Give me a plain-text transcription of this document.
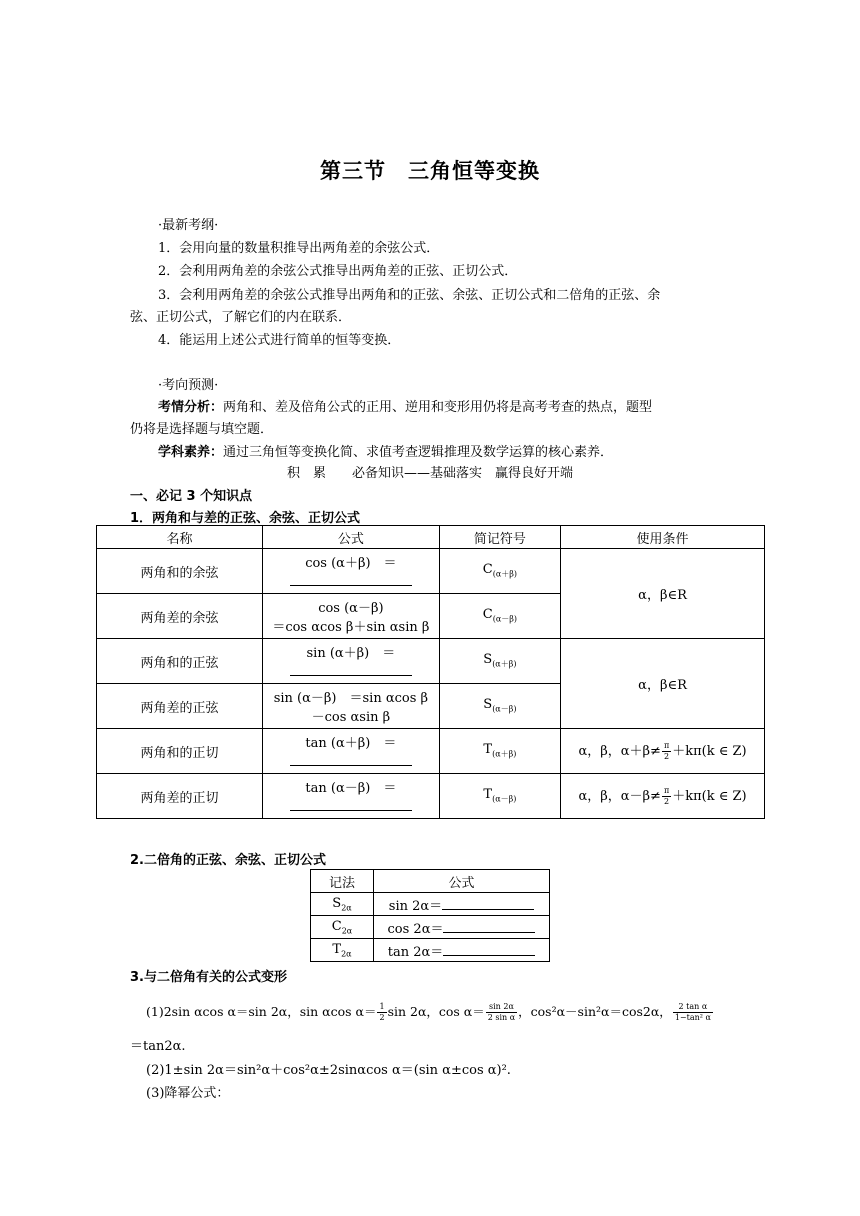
第三节　三角恒等变换
·最新考纲·
1．会用向量的数量积推导出两角差的余弦公式．
2．会利用两角差的余弦公式推导出两角差的正弦、正切公式．
3．会利用两角差的余弦公式推导出两角和的正弦、余弦、正切公式和二倍角的正弦、余
弦、正切公式，了解它们的内在联系．
4．能运用上述公式进行简单的恒等变换．
·考向预测·
考情分析：两角和、差及倍角公式的正用、逆用和变形用仍将是高考考查的热点，题型
仍将是选择题与填空题．
学科素养：通过三角恒等变换化简、求值考查逻辑推理及数学运算的核心素养．
积　累　　必备知识——基础落实　赢得良好开端
一、必记 3 个知识点
1．两角和与差的正弦、余弦、正切公式
名称	公式	简记符号	使用条件
两角和的余弦	cos (α＋β)　＝	$C_{(\alpha+\beta)}$	α，β∈R
两角差的余弦	cos (α－β)
＝cos αcos β＋sin αsin β	$C_{(\alpha-\beta)}$
两角和的正弦	sin (α＋β)　＝	$S_{(\alpha+\beta)}$	α，β∈R
两角差的正弦	sin (α－β)　＝sin αcos β
－cos αsin β	$S_{(\alpha-\beta)}$
两角和的正切	tan (α＋β)　＝	$T_{(\alpha+\beta)}$	α，β，$\alpha+\beta\ne \frac{\pi}{2} +k\pi(k$ ∈ Z)
两角差的正切	tan (α－β)　＝	$T_{(\alpha-\beta)}$	α，β，$\alpha-\beta\ne \frac{\pi}{2} +k\pi(k$ ∈ Z)
2.二倍角的正弦、余弦、正切公式
记法	公式
$S_{2\alpha}$	sin 2α＝
$C_{2\alpha}$	cos 2α＝
$T_{2\alpha}$	tan 2α＝
3.与二倍角有关的公式变形
(1)2sin αcos α＝sin 2α，sin αcos $\alpha= \frac{1}{2}$ sin 2α，$\cos \alpha= \frac{\sin 2\alpha}{\text{2 sin α}}$ ，cos²α－sin²α＝cos2α， $\frac{\text{2 tan α}}{\text{1−tan² α}}$
＝tan2α.
(2)1±sin 2α＝sin²α＋cos²α±2sinαcos α＝(sin α±cos α)².
(3)降幂公式：
